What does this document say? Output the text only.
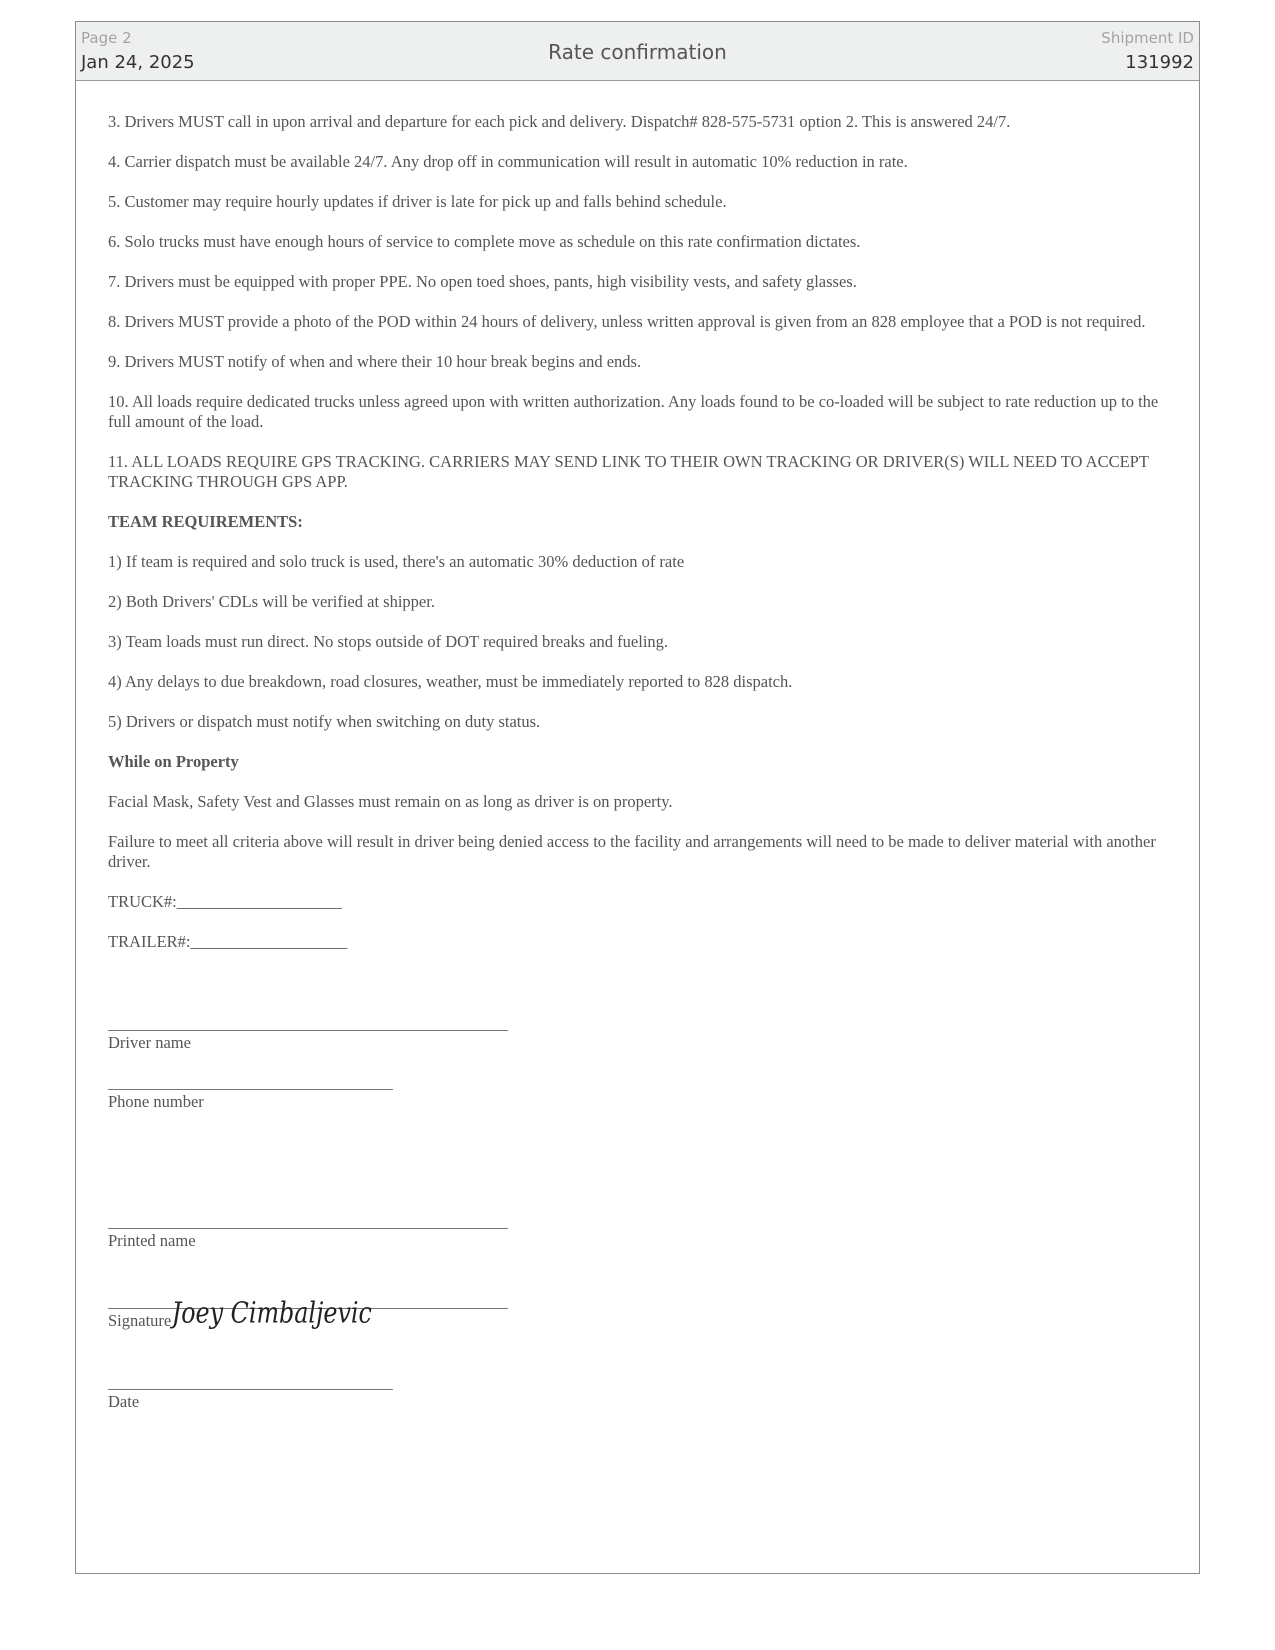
Page 2
Jan 24, 2025	Rate confirmation
Shipment ID
131992

3. Drivers MUST call in upon arrival and departure for each pick and delivery. Dispatch# 828-575-5731 option 2. This is answered 24/7.

4. Carrier dispatch must be available 24/7. Any drop off in communication will result in automatic 10% reduction in rate.

5. Customer may require hourly updates if driver is late for pick up and falls behind schedule.

6. Solo trucks must have enough hours of service to complete move as schedule on this rate confirmation dictates.

7. Drivers must be equipped with proper PPE. No open toed shoes, pants, high visibility vests, and safety glasses.

8. Drivers MUST provide a photo of the POD within 24 hours of delivery, unless written approval is given from an 828 employee that a POD is not required.

9. Drivers MUST notify of when and where their 10 hour break begins and ends.

10. All loads require dedicated trucks unless agreed upon with written authorization. Any loads found to be co-loaded will be subject to rate reduction up to the full amount of the load.

11. ALL LOADS REQUIRE GPS TRACKING. CARRIERS MAY SEND LINK TO THEIR OWN TRACKING OR DRIVER(S) WILL NEED TO ACCEPT TRACKING THROUGH GPS APP.

TEAM REQUIREMENTS:

1) If team is required and solo truck is used, there's an automatic 30% deduction of rate

2) Both Drivers' CDLs will be verified at shipper.

3) Team loads must run direct. No stops outside of DOT required breaks and fueling.

4) Any delays to due breakdown, road closures, weather, must be immediately reported to 828 dispatch.

5) Drivers or dispatch must notify when switching on duty status.

While on Property

Facial Mask, Safety Vest and Glasses must remain on as long as driver is on property.

Failure to meet all criteria above will result in driver being denied access to the facility and arrangements will need to be made to deliver material with another driver.

TRUCK#:____________________

TRAILER#:___________________

Driver name
Phone number
Printed name
Signature Joey Cimbaljevic
Date
